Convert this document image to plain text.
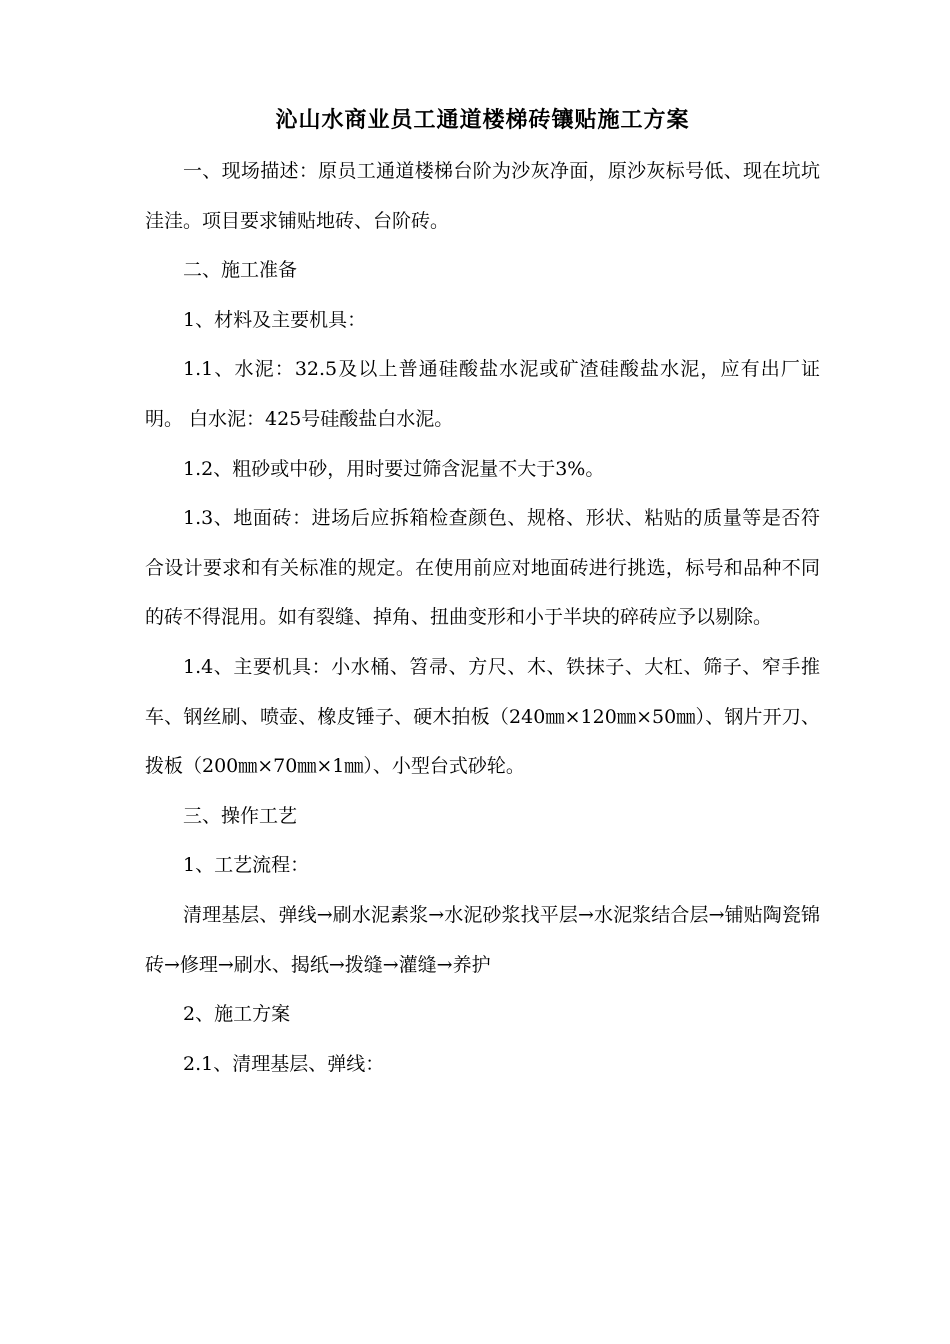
沁山水商业员工通道楼梯砖镶贴施工方案

一、现场描述：原员工通道楼梯台阶为沙灰净面，原沙灰标号低、现在坑坑洼洼。项目要求铺贴地砖、台阶砖。

二、施工准备

1、材料及主要机具：

1.1、水泥：32.5及以上普通硅酸盐水泥或矿渣硅酸盐水泥，应有出厂证明。 白水泥：425号硅酸盐白水泥。

1.2、粗砂或中砂，用时要过筛含泥量不大于3%。

1.3、地面砖：进场后应拆箱检查颜色、规格、形状、粘贴的质量等是否符合设计要求和有关标准的规定。在使用前应对地面砖进行挑选，标号和品种不同的砖不得混用。如有裂缝、掉角、扭曲变形和小于半块的碎砖应予以剔除。

1.4、主要机具：小水桶、笤帚、方尺、木、铁抹子、大杠、筛子、窄手推车、钢丝刷、喷壶、橡皮锤子、硬木拍板（240㎜×120㎜×50㎜）、钢片开刀、拨板（200㎜×70㎜×1㎜）、小型台式砂轮。

三、操作工艺

1、工艺流程：

清理基层、弹线→刷水泥素浆→水泥砂浆找平层→水泥浆结合层→铺贴陶瓷锦砖→修理→刷水、揭纸→拨缝→灌缝→养护

2、施工方案

2.1、清理基层、弹线：
